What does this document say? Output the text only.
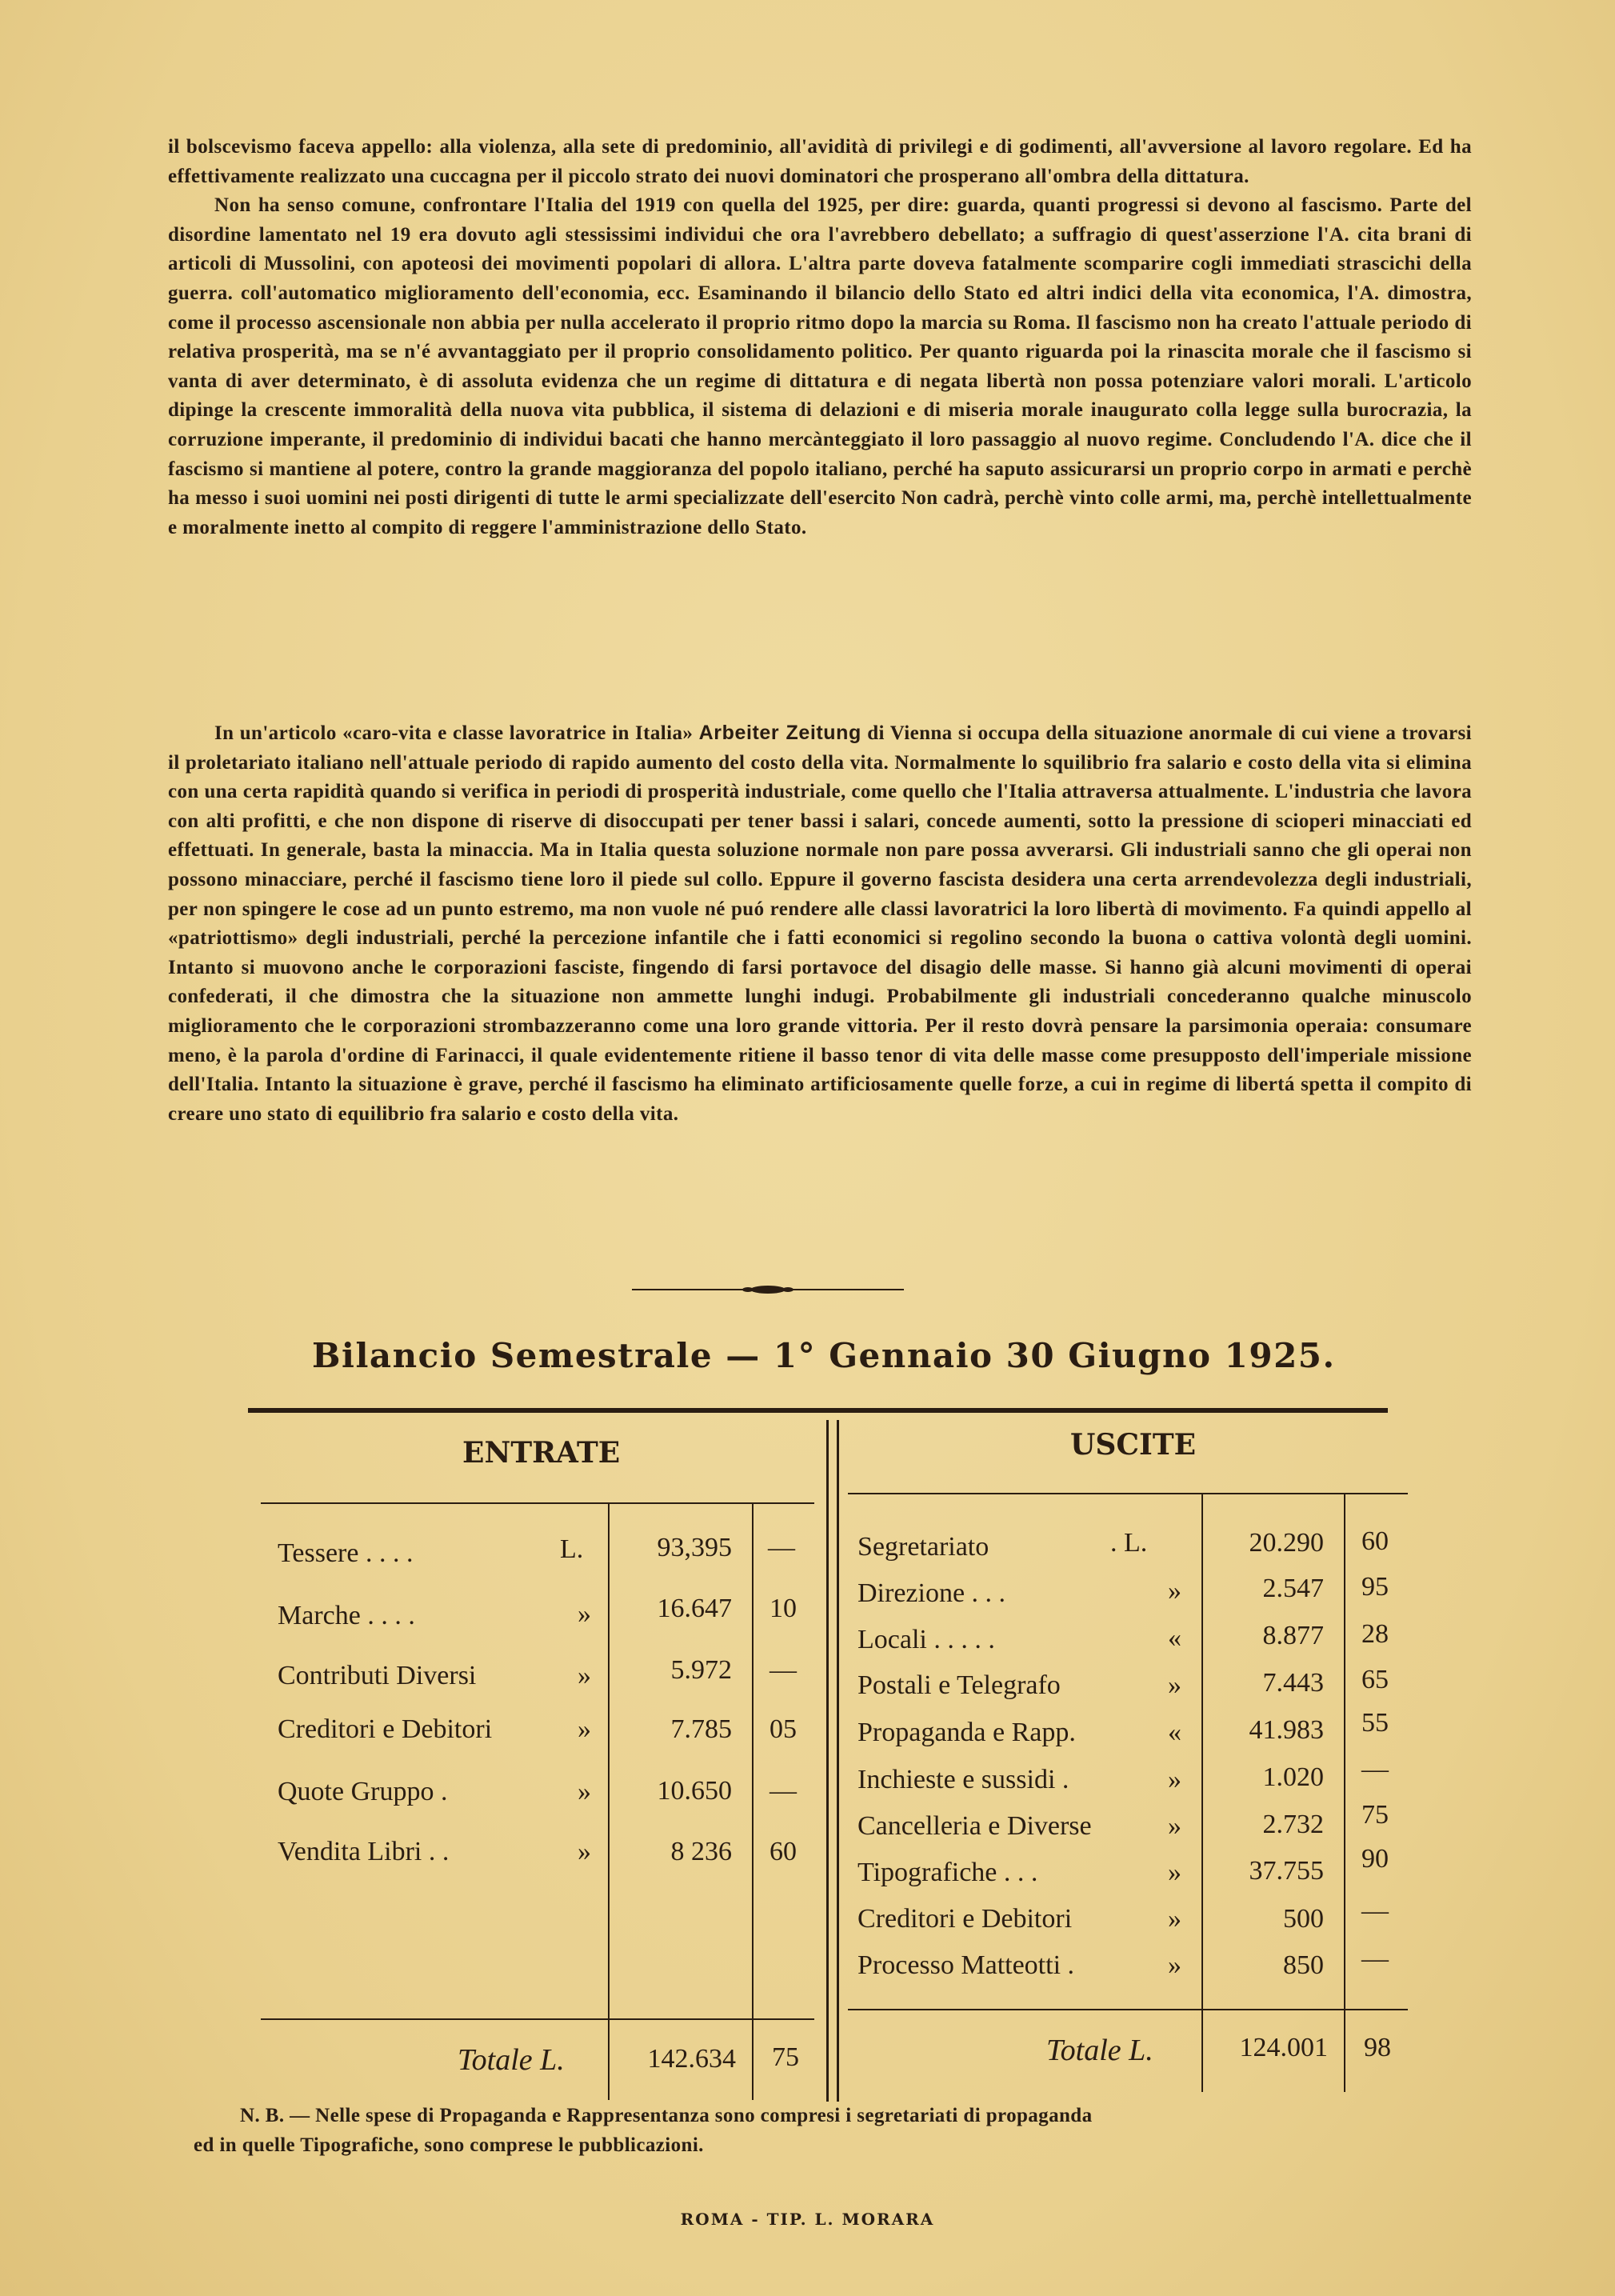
il bolscevismo faceva appello: alla violenza, alla sete di predominio, all'avidità di privilegi e di godimenti, all'avversione al lavoro regolare. Ed ha effettivamente realizzato una cuccagna per il piccolo strato dei nuovi dominatori che prosperano all'ombra della dittatura.

Non ha senso comune, confrontare l'Italia del 1919 con quella del 1925, per dire: guarda, quanti progressi si devono al fascismo. Parte del disordine lamentato nel 19 era dovuto agli stessissimi individui che ora l'avrebbero debellato; a suffragio di quest'asserzione l'A. cita brani di articoli di Mussolini, con apoteosi dei movimenti popolari di allora. L'altra parte doveva fatalmente scomparire cogli immediati strascichi della guerra. coll'automatico miglioramento dell'economia, ecc. Esaminando il bilancio dello Stato ed altri indici della vita economica, l'A. dimostra, come il processo ascensionale non abbia per nulla accelerato il proprio ritmo dopo la marcia su Roma. Il fascismo non ha creato l'attuale periodo di relativa prosperità, ma se n'é avvantaggiato per il proprio consolidamento politico. Per quanto riguarda poi la rinascita morale che il fascismo si vanta di aver determinato, è di assoluta evidenza che un regime di dittatura e di negata libertà non possa potenziare valori morali. L'articolo dipinge la crescente immoralità della nuova vita pubblica, il sistema di delazioni e di miseria morale inaugurato colla legge sulla burocrazia, la corruzione imperante, il predominio di individui bacati che hanno mercànteggiato il loro passaggio al nuovo regime. Concludendo l'A. dice che il fascismo si mantiene al potere, contro la grande maggioranza del popolo italiano, perché ha saputo assicurarsi un proprio corpo in armati e perchè ha messo i suoi uomini nei posti dirigenti di tutte le armi specializzate dell'esercito Non cadrà, perchè vinto colle armi, ma, perchè intellettualmente e moralmente inetto al compito di reggere l'amministrazione dello Stato.

In un'articolo «caro-vita e classe lavoratrice in Italia» Arbeiter Zeitung di Vienna si occupa della situazione anormale di cui viene a trovarsi il proletariato italiano nell'attuale periodo di rapido aumento del costo della vita. Normalmente lo squilibrio fra salario e costo della vita si elimina con una certa rapidità quando si verifica in periodi di prosperità industriale, come quello che l'Italia attraversa attualmente. L'industria che lavora con alti profitti, e che non dispone di riserve di disoccupati per tener bassi i salari, concede aumenti, sotto la pressione di scioperi minacciati ed effettuati. In generale, basta la minaccia. Ma in Italia questa soluzione normale non pare possa avverarsi. Gli industriali sanno che gli operai non possono minacciare, perché il fascismo tiene loro il piede sul collo. Eppure il governo fascista desidera una certa arrendevolezza degli industriali, per non spingere le cose ad un punto estremo, ma non vuole né puó rendere alle classi lavoratrici la loro libertà di movimento. Fa quindi appello al «patriottismo» degli industriali, perché la percezione infantile che i fatti economici si regolino secondo la buona o cattiva volontà degli uomini. Intanto si muovono anche le corporazioni fasciste, fingendo di farsi portavoce del disagio delle masse. Si hanno già alcuni movimenti di operai confederati, il che dimostra che la situazione non ammette lunghi indugi. Probabilmente gli industriali concederanno qualche minuscolo miglioramento che le corporazioni strombazzeranno come una loro grande vittoria. Per il resto dovrà pensare la parsimonia operaia: consumare meno, è la parola d'ordine di Farinacci, il quale evidentemente ritiene il basso tenor di vita delle masse come presupposto dell'imperiale missione dell'Italia. Intanto la situazione è grave, perché il fascismo ha eliminato artificiosamente quelle forze, a cui in regime di libertá spetta il compito di creare uno stato di equilibrio fra salario e costo della vita.

Bilancio Semestrale — 1° Gennaio 30 Giugno 1925.
ENTRATE
Tessere . . . .	L.	93,395 —
Marche . . . .	»	16.647 10
Contributi Diversi	»	5.972 —
Creditori e Debitori	»	7.785 05
Quote Gruppo .	»	10.650 —
Vendita Libri . .	»	8 236 60
Totale L.	142.634 75
USCITE
Segretariato	. L.	20.290 60
Direzione . . .	»	2.547 95
Locali . . . . .	«	8.877 28
Postali e Telegrafo	»	7.443 65
Propaganda e Rapp.	«	41.983 55
Inchieste e sussidi .	»	1.020 —
Cancelleria e Diverse	»	2.732 75
Tipografiche . . .	»	37.755 90
Creditori e Debitori	»	500 —
Processo Matteotti .	»	850 —
Totale L.	124.001 98
N. B. — Nelle spese di Propaganda e Rappresentanza sono compresi i segretariati di propaganda
ed in quelle Tipografiche, sono comprese le pubblicazioni.
ROMA - TIP. L. MORARA
